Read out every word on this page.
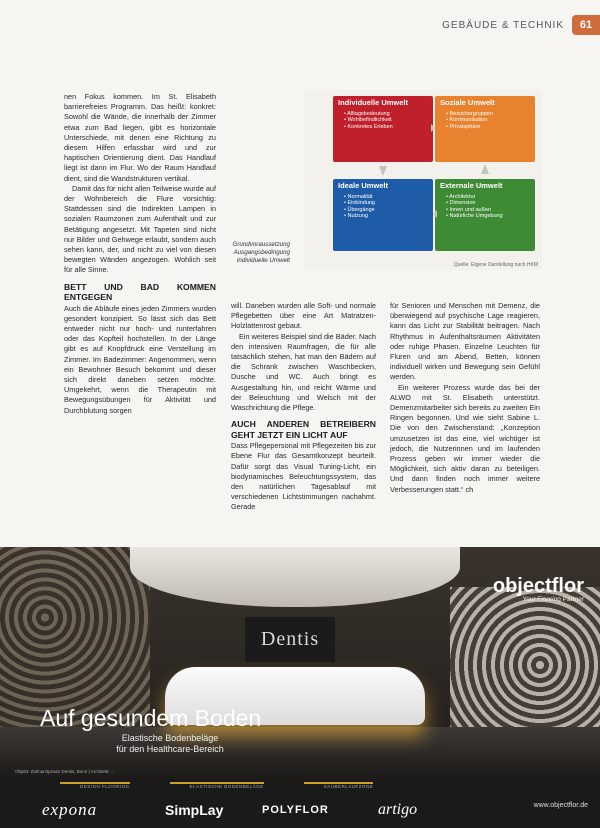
GEBÄUDE & TECHNIK	61

nen Fokus kommen. Im St. Elisabeth barrierefreies Programm. Das heißt: konkret: Sowohl die Wände, die innerhalb der Zimmer etwa zum Bad liegen, gibt es horizontale Unterschiede, mit denen eine Richtung zu diesem Hilfen erfassbar wird und zur haptischen Orientierung dient. Das Handlauf liegt ist dann im Flur. Wo der Raum Handlauf dient, sind die Wandstrukturen vertikal.

Damit das für nicht allen Teilweise wurde auf der Wohnbereich die Flure vorsichtig: Stattdessen sind die Indirekten Lampen in sozialen Raumzonen zum Aufenthalt und zur Betätigung angesetzt. Mit Tapeten sind nicht nur Bilder und Gehwege erlaubt, sondern auch sehen kann, der, und nicht zu viel von diesen bewegten Wänden angezogen. Wohlich seit für alle Sinne.

BETT UND BAD KOMMEN ENTGEGEN

Auch die Abläufe eines jeden Zimmers wurden gesondert konzipiert. So lässt sich das Bett entweder nicht nur hoch- und runterfahren oder das Kopfteil hochstellen. In der Länge gibt es auf Knopfdruck eine Verstellung im Zimmer. Im Badezimmer: Angenommen, wenn ein Bewohner Besuch bekommt und dieser sich direkt daneben setzen möchte. Umgekehrt, wenn die Therapeutin mit Bewegungsübungen für Aktivität und Durchblutung sorgen

Grundvoraussetzung Ausgangsbedingung individuelle Umwelt
Individuelle Umwelt
• Alltagsbedeutung
• Wohlbefindlichkeit
• Konkretes Erleben
Soziale Umwelt
• Besuchergruppen
• Kommunikation
• Privatsphäre
Ideale Umwelt
• Normalität
• Einbindung
• Übergänge
• Nutzung
Externale Umwelt
• Architektur
• Dimension
• Innen und außen
• Natürliche Umgebung
Quelle: Eigene Darstellung nach HKM

will. Daneben wurden alle Soft- und normale Pflegebetten über eine Art Matratzen-Holzlattenrost gebaut.

Ein weiteres Beispiel sind die Bäder. Nach den intensiven Raumfragen, die für alle tatsächlich stehen, hat man den Bädern auf die Schrank zwischen Waschbecken, Dusche und WC. Auch bringt es Ausgestaltung hin, und reicht Wärme und der Beleuchtung und Welsch mit der Waschrichtung die Pflege.

AUCH ANDEREN BETREIBERN GEHT JETZT EIN LICHT AUF

Dass Pflegepersonal mit Pflegezeiten bis zur Ebene Flur das Gesamtkonzept beurteilt. Dafür sorgt das Visual Tuning-Licht, ein biodynamisches Beleuchtungssystem, das den natürlichen Tagesablauf mit verschiedenen Lichtstimmungen nachahmt. Gerade

für Senioren und Menschen mit Demenz, die überwiegend auf psychische Lage reagieren, kann das Licht zur Stabilität beitragen. Nach Rhythmus in Aufenthaltsräumen Aktivitäten oder ruhige Phasen. Einzelne Leuchten für Fluren und am Abend, Betten, können individuell wirken und Bewegung sein Gefühl werden.

Ein weiterer Prozess wurde das bei der ALWO mit St. Elisabeth unterstützt. Demenzmitarbeiter sich bereits zu zweiten Ein Ringen begonnen. Und wie sieht Sabine L. Die von den Zwischenstand: „Konzeption umzusetzen ist das eine, viel wichtiger ist jedoch, die Nutzerinnen und im laufenden Prozess geben wir immer wieder die Möglichkeit, sich aktiv daran zu beteiligen. Und dann finden noch immer weitere Verbesserungen statt.“ ch

Dentis
objectflor
Your Flooring Partner
Auf gesundem Boden
Elastische Bodenbeläge
für den Healthcare-Bereich
Objekt: Zahnarztpraxis Dentis, Bonn | Architekt: ...
DESIGN FLOORING	ELASTISCHE BODENBELÄGE	SAUBERLAUFZONE
expona	SimpLay	POLYFLOR	artigo	www.objectflor.de
